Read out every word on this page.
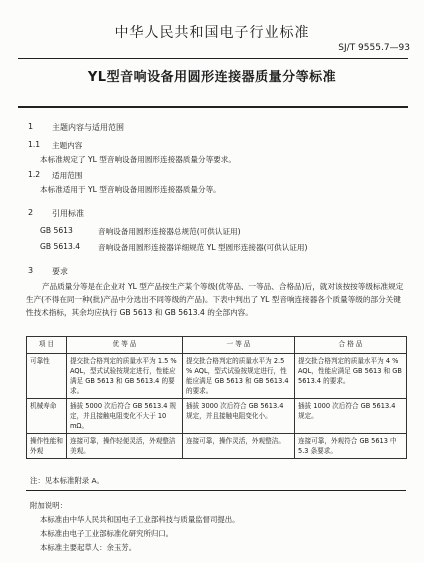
中华人民共和国电子行业标准
SJ/T 9555.7—93
YL型音响设备用圆形连接器质量分等标准
1 主题内容与适用范围
1.1 主题内容
本标准规定了 YL 型音响设备用圆形连接器质量分等要求。
1.2 适用范围
本标准适用于 YL 型音响设备用圆形连接器质量分等。
2 引用标准
GB 5613	音响设备用圆形连接器总规范(可供认证用)
GB 5613.4 音响设备用圆形连接器详细规范 YL 型圆形连接器(可供认证用)
3 要求
产品质量分等是在企业对 YL 型产品按生产某个等级(优等品、一等品、合格品)后，就对该按按等级标准规定生产(不得在同一种(批)产品中分选出不同等级的产品)。下表中判出了 YL 型音响连接器各个质量等级的部分关键性技术指标，其余均应执行 GB 5613 和 GB 5613.4 的全部内容。
项 目	优 等 品	一 等 品	合 格 品
可靠性	提交批合格判定的质量水平为 1.5 % AQL，型式试验按规定进行，性能应满足 GB 5613 和 GB 5613.4 的要求。	提交批合格判定的质量水平为 2.5 % AQL，型式试验按规定进行，性能应满足 GB 5613 和 GB 5613.4 的要求。	提交批合格判定的质量水平为 4 % AQL，性能应满足 GB 5613 和 GB 5613.4 的要求。
机械寿命	插拔 5000 次后符合 GB 5613.4 规定，并且接触电阻变化不大于 10 mΩ。	插拔 3000 次后符合 GB 5613.4 规定，并且接触电阻变化小。	插拔 1000 次后符合 GB 5613.4 规定。
操作性能和外观	连接可靠，操作轻便灵活，外观整洁美观。	连接可靠，操作灵活，外观整洁。	连接可靠，外观符合 GB 5613 中 5.3 条要求。
注：见本标准附录 A。
附加说明：
本标准由中华人民共和国电子工业部科技与质量监督司提出。
本标准由电子工业部标准化研究所归口。
本标准主要起草人：余玉芳。
